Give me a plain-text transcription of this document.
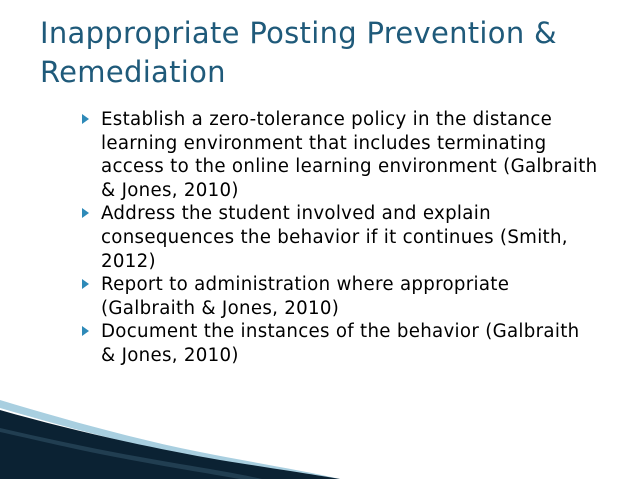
Inappropriate Posting Prevention & Remediation
Establish a zero-tolerance policy in the distance learning environment that includes terminating access to the online learning environment (Galbraith & Jones, 2010)
Address the student involved and explain consequences the behavior if it continues (Smith, 2012)
Report to administration where appropriate (Galbraith & Jones, 2010)
Document the instances of the behavior (Galbraith & Jones, 2010)
